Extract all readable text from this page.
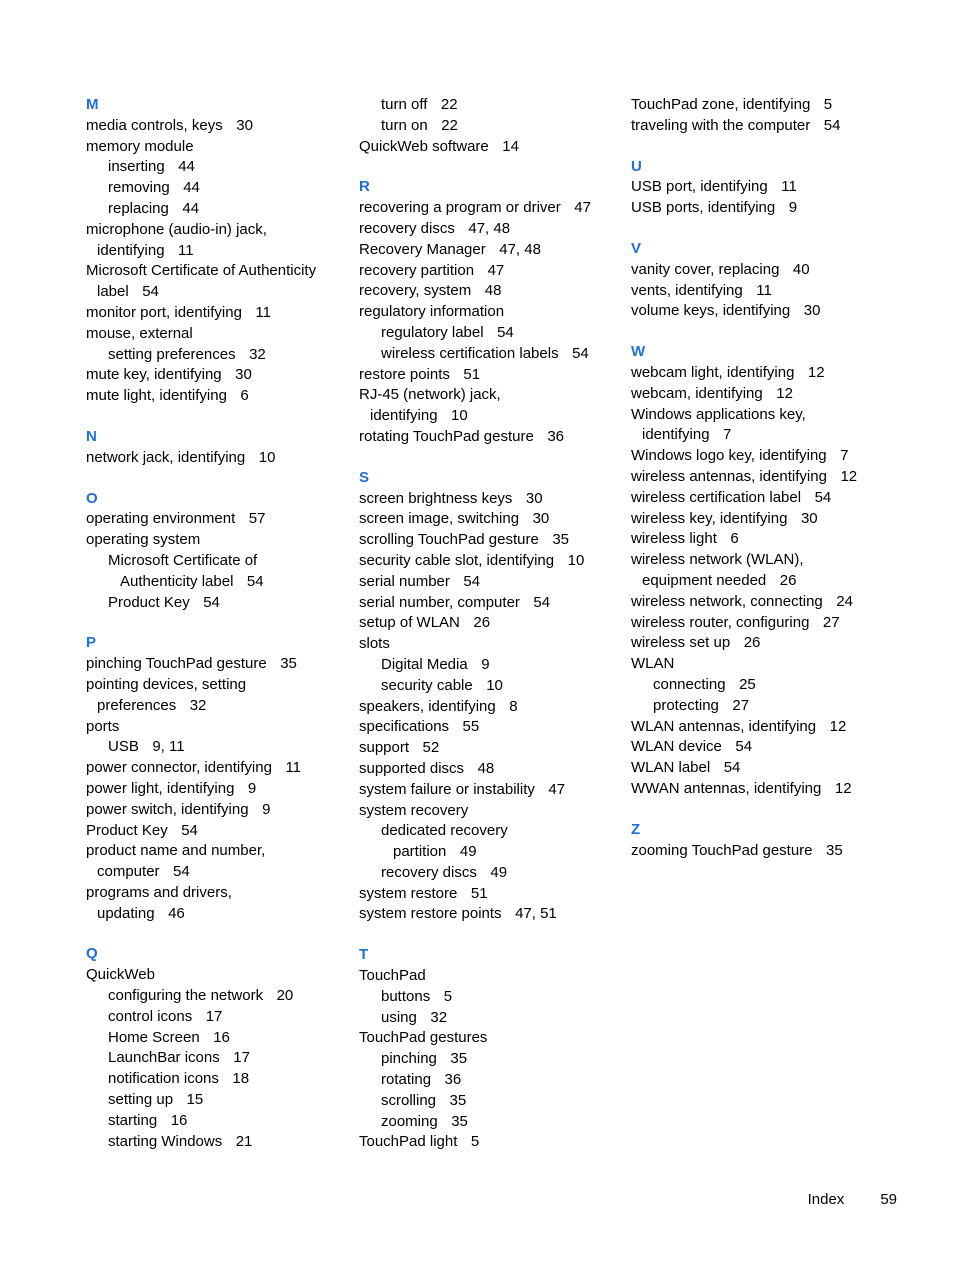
M
media controls, keys 30
memory module
inserting 44
removing 44
replacing 44
microphone (audio-in) jack,
identifying 11
Microsoft Certificate of Authenticity
label 54
monitor port, identifying 11
mouse, external
setting preferences 32
mute key, identifying 30
mute light, identifying 6
N
network jack, identifying 10
O
operating environment 57
operating system
Microsoft Certificate of
Authenticity label 54
Product Key 54
P
pinching TouchPad gesture 35
pointing devices, setting
preferences 32
ports
USB 9, 11
power connector, identifying 11
power light, identifying 9
power switch, identifying 9
Product Key 54
product name and number,
computer 54
programs and drivers,
updating 46
Q
QuickWeb
configuring the network 20
control icons 17
Home Screen 16
LaunchBar icons 17
notification icons 18
setting up 15
starting 16
starting Windows 21
turn off 22
turn on 22
QuickWeb software 14
R
recovering a program or driver 47
recovery discs 47, 48
Recovery Manager 47, 48
recovery partition 47
recovery, system 48
regulatory information
regulatory label 54
wireless certification labels 54
restore points 51
RJ-45 (network) jack,
identifying 10
rotating TouchPad gesture 36
S
screen brightness keys 30
screen image, switching 30
scrolling TouchPad gesture 35
security cable slot, identifying 10
serial number 54
serial number, computer 54
setup of WLAN 26
slots
Digital Media 9
security cable 10
speakers, identifying 8
specifications 55
support 52
supported discs 48
system failure or instability 47
system recovery
dedicated recovery
partition 49
recovery discs 49
system restore 51
system restore points 47, 51
T
TouchPad
buttons 5
using 32
TouchPad gestures
pinching 35
rotating 36
scrolling 35
zooming 35
TouchPad light 5
TouchPad zone, identifying 5
traveling with the computer 54
U
USB port, identifying 11
USB ports, identifying 9
V
vanity cover, replacing 40
vents, identifying 11
volume keys, identifying 30
W
webcam light, identifying 12
webcam, identifying 12
Windows applications key,
identifying 7
Windows logo key, identifying 7
wireless antennas, identifying 12
wireless certification label 54
wireless key, identifying 30
wireless light 6
wireless network (WLAN),
equipment needed 26
wireless network, connecting 24
wireless router, configuring 27
wireless set up 26
WLAN
connecting 25
protecting 27
WLAN antennas, identifying 12
WLAN device 54
WLAN label 54
WWAN antennas, identifying 12
Z
zooming TouchPad gesture 35
Index 59
